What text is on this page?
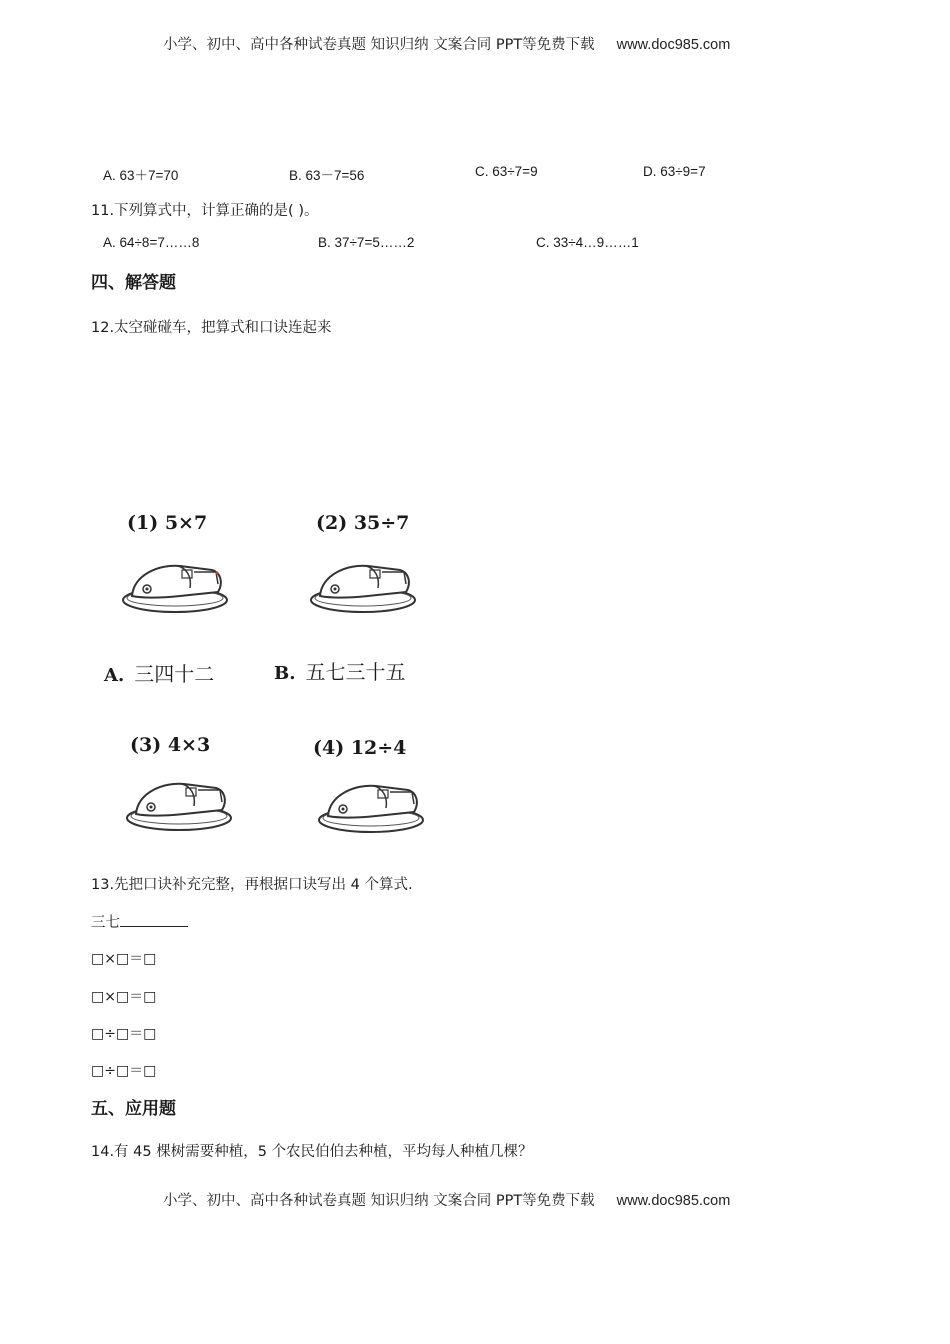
小学、初中、高中各种试卷真题 知识归纳 文案合同 PPT等免费下载 www.doc985.com
A. 63＋7=70	B. 63－7=56	C. 63÷7=9	D. 63÷9=7
11.下列算式中，计算正确的是( )。
A. 64÷8=7……8	B. 37÷7=5……2	C. 33÷4…9……1
四、解答题
12.太空碰碰车，把算式和口诀连起来
(1) 5×7	(2) 35÷7
A. 三四十二	B. 五七三十五
(3) 4×3	(4) 12÷4
13.先把口诀补充完整，再根据口诀写出 4 个算式.
三七
□×□＝□
□×□＝□
□÷□＝□
□÷□＝□
五、应用题
14.有 45 棵树需要种植，5 个农民伯伯去种植，平均每人种植几棵？
小学、初中、高中各种试卷真题 知识归纳 文案合同 PPT等免费下载 www.doc985.com
